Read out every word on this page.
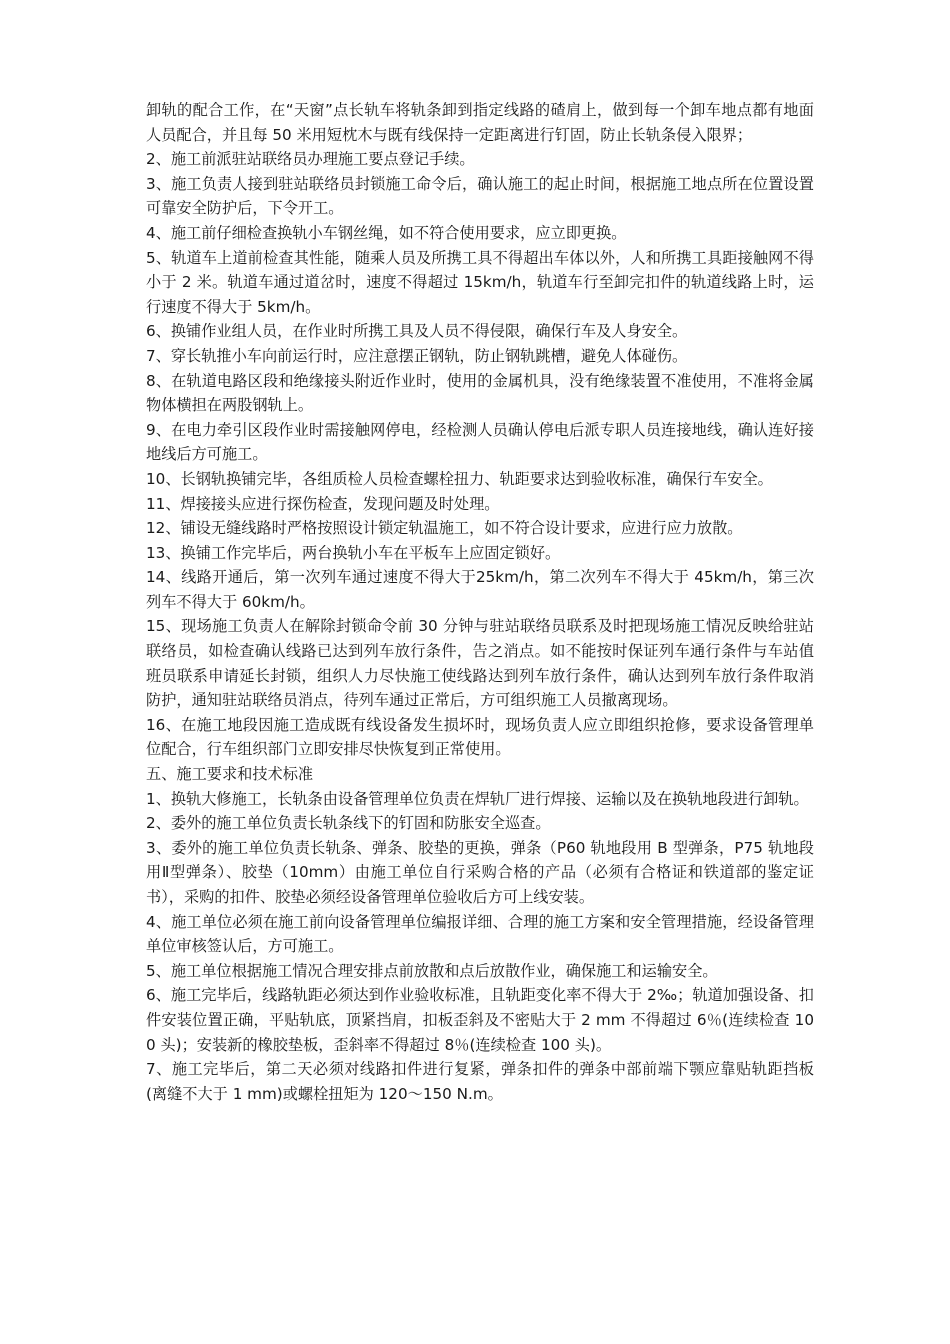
卸轨的配合工作，在“天窗”点长轨车将轨条卸到指定线路的碴肩上，做到每一个卸车地点都有地面人员配合，并且每 50 米用短枕木与既有线保持一定距离进行钉固，防止长轨条侵入限界；

2、施工前派驻站联络员办理施工要点登记手续。

3、施工负责人接到驻站联络员封锁施工命令后，确认施工的起止时间，根据施工地点所在位置设置可靠安全防护后，下令开工。

4、施工前仔细检查换轨小车钢丝绳，如不符合使用要求，应立即更换。

5、轨道车上道前检查其性能，随乘人员及所携工具不得超出车体以外，人和所携工具距接触网不得小于 2 米。轨道车通过道岔时，速度不得超过 15km/h，轨道车行至卸完扣件的轨道线路上时，运行速度不得大于 5km/h。

6、换铺作业组人员，在作业时所携工具及人员不得侵限，确保行车及人身安全。

7、穿长轨推小车向前运行时，应注意摆正钢轨，防止钢轨跳槽，避免人体碰伤。

8、在轨道电路区段和绝缘接头附近作业时，使用的金属机具，没有绝缘装置不准使用，不准将金属物体横担在两股钢轨上。

9、在电力牵引区段作业时需接触网停电，经检测人员确认停电后派专职人员连接地线，确认连好接地线后方可施工。

10、长钢轨换铺完毕，各组质检人员检查螺栓扭力、轨距要求达到验收标准，确保行车安全。

11、焊接接头应进行探伤检查，发现问题及时处理。

12、铺设无缝线路时严格按照设计锁定轨温施工，如不符合设计要求，应进行应力放散。

13、换铺工作完毕后，两台换轨小车在平板车上应固定锁好。

14、线路开通后，第一次列车通过速度不得大于25km/h，第二次列车不得大于 45km/h，第三次列车不得大于 60km/h。

15、现场施工负责人在解除封锁命令前 30 分钟与驻站联络员联系及时把现场施工情况反映给驻站联络员，如检查确认线路已达到列车放行条件，告之消点。如不能按时保证列车通行条件与车站值班员联系申请延长封锁，组织人力尽快施工使线路达到列车放行条件，确认达到列车放行条件取消防护，通知驻站联络员消点，待列车通过正常后，方可组织施工人员撤离现场。

16、在施工地段因施工造成既有线设备发生损坏时，现场负责人应立即组织抢修，要求设备管理单位配合，行车组织部门立即安排尽快恢复到正常使用。

五、施工要求和技术标准

1、换轨大修施工，长轨条由设备管理单位负责在焊轨厂进行焊接、运输以及在换轨地段进行卸轨。

2、委外的施工单位负责长轨条线下的钉固和防胀安全巡查。

3、委外的施工单位负责长轨条、弹条、胶垫的更换，弹条（P60 轨地段用 B 型弹条，P75 轨地段用Ⅱ型弹条）、胶垫（10mm）由施工单位自行采购合格的产品（必须有合格证和铁道部的鉴定证书），采购的扣件、胶垫必须经设备管理单位验收后方可上线安装。

4、施工单位必须在施工前向设备管理单位编报详细、合理的施工方案和安全管理措施，经设备管理单位审核签认后，方可施工。

5、施工单位根据施工情况合理安排点前放散和点后放散作业，确保施工和运输安全。

6、施工完毕后，线路轨距必须达到作业验收标准，且轨距变化率不得大于 2‰；轨道加强设备、扣件安装位置正确，平贴轨底，顶紧挡肩，扣板歪斜及不密贴大于 2 mm 不得超过 6％(连续检查 100 头)；安装新的橡胶垫板，歪斜率不得超过 8％(连续检查 100 头)。

7、施工完毕后，第二天必须对线路扣件进行复紧，弹条扣件的弹条中部前端下颚应靠贴轨距挡板(离缝不大于 1 mm)或螺栓扭矩为 120～150 N.m。
